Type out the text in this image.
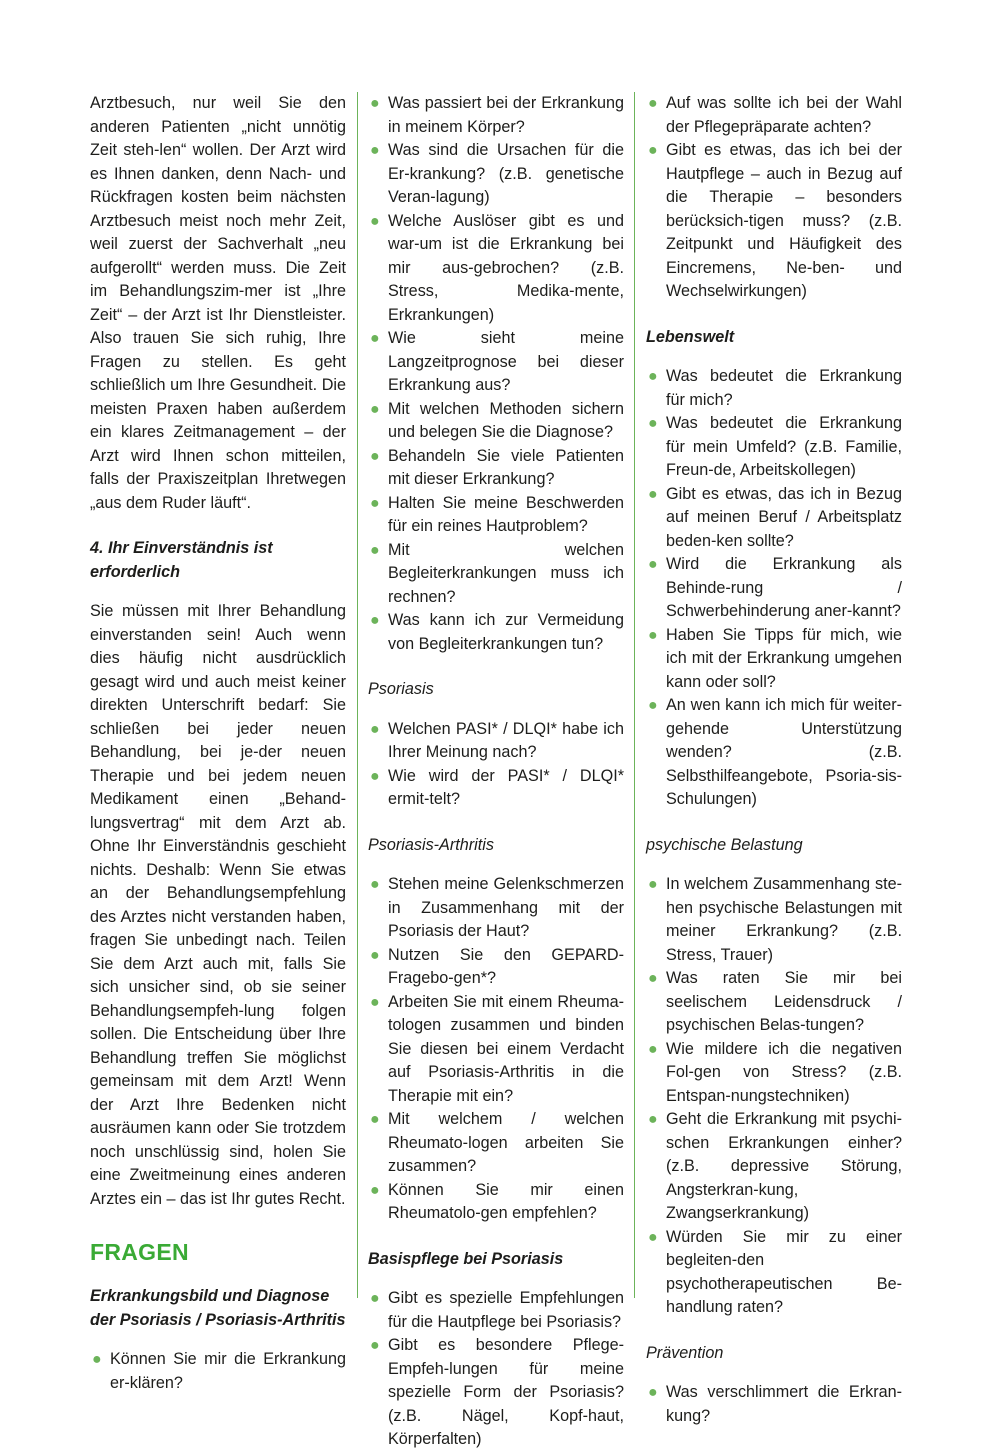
Arztbesuch, nur weil Sie den anderen Patienten „nicht unnötig Zeit steh-len“ wollen. Der Arzt wird es Ihnen danken, denn Nach- und Rückfragen kosten beim nächsten Arztbesuch meist noch mehr Zeit, weil zuerst der Sachverhalt „neu aufgerollt“ werden muss. Die Zeit im Behandlungszim-mer ist „Ihre Zeit“ – der Arzt ist Ihr Dienstleister. Also trauen Sie sich ruhig, Ihre Fragen zu stellen. Es geht schließlich um Ihre Gesundheit. Die meisten Praxen haben außerdem ein klares Zeitmanagement – der Arzt wird Ihnen schon mitteilen, falls der Praxiszeitplan Ihretwegen „aus dem Ruder läuft“.

4. Ihr Einverständnis ist erforderlich

Sie müssen mit Ihrer Behandlung einverstanden sein! Auch wenn dies häufig nicht ausdrücklich gesagt wird und auch meist keiner direkten Unterschrift bedarf: Sie schließen bei jeder neuen Behandlung, bei je-der neuen Therapie und bei jedem neuen Medikament einen „Behand-lungsvertrag“ mit dem Arzt ab. Ohne Ihr Einverständnis geschieht nichts. Deshalb: Wenn Sie etwas an der Behandlungsempfehlung des Arztes nicht verstanden haben, fragen Sie unbedingt nach. Teilen Sie dem Arzt auch mit, falls Sie sich unsicher sind, ob sie seiner Behandlungsempfeh-lung folgen sollen. Die Entscheidung über Ihre Behandlung treffen Sie möglichst gemeinsam mit dem Arzt! Wenn der Arzt Ihre Bedenken nicht ausräumen kann oder Sie trotzdem noch unschlüssig sind, holen Sie eine Zweitmeinung eines anderen Arztes ein – das ist Ihr gutes Recht.

FRAGEN
Erkrankungsbild und Diagnose der Psoriasis / Psoriasis-Arthritis
● Können Sie mir die Erkrankung er-klären?
● Was passiert bei der Erkrankung in meinem Körper?
● Was sind die Ursachen für die Er-krankung? (z.B. genetische Veran-lagung)
● Welche Auslöser gibt es und war-um ist die Erkrankung bei mir aus-gebrochen? (z.B. Stress, Medika-mente, Erkrankungen)
● Wie sieht meine Langzeitprognose bei dieser Erkrankung aus?
● Mit welchen Methoden sichern und belegen Sie die Diagnose?
● Behandeln Sie viele Patienten mit dieser Erkrankung?
● Halten Sie meine Beschwerden für ein reines Hautproblem?
● Mit welchen Begleiterkrankungen muss ich rechnen?
● Was kann ich zur Vermeidung von Begleiterkrankungen tun?
Psoriasis
● Welchen PASI* / DLQI* habe ich Ihrer Meinung nach?
● Wie wird der PASI* / DLQI* ermit-telt?
Psoriasis-Arthritis
● Stehen meine Gelenkschmerzen in Zusammenhang mit der Psoriasis der Haut?
● Nutzen Sie den GEPARD-Fragebo-gen*?
● Arbeiten Sie mit einem Rheuma-tologen zusammen und binden Sie diesen bei einem Verdacht auf Psoriasis-Arthritis in die Therapie mit ein?
● Mit welchem / welchen Rheumato-logen arbeiten Sie zusammen?
● Können Sie mir einen Rheumatolo-gen empfehlen?
Basispflege bei Psoriasis
● Gibt es spezielle Empfehlungen für die Hautpflege bei Psoriasis?
● Gibt es besondere Pflege-Empfeh-lungen für meine spezielle Form der Psoriasis? (z.B. Nägel, Kopf-haut, Körperfalten)
● Auf was sollte ich bei der Wahl der Pflegepräparate achten?
● Gibt es etwas, das ich bei der Hautpflege – auch in Bezug auf die Therapie – besonders berücksich-tigen muss? (z.B. Zeitpunkt und Häufigkeit des Eincremens, Ne-ben- und Wechselwirkungen)
Lebenswelt
● Was bedeutet die Erkrankung für mich?
● Was bedeutet die Erkrankung für mein Umfeld? (z.B. Familie, Freun-de, Arbeitskollegen)
● Gibt es etwas, das ich in Bezug auf meinen Beruf / Arbeitsplatz beden-ken sollte?
● Wird die Erkrankung als Behinde-rung / Schwerbehinderung aner-kannt?
● Haben Sie Tipps für mich, wie ich mit der Erkrankung umgehen kann oder soll?
● An wen kann ich mich für weiter-gehende Unterstützung wenden? (z.B. Selbsthilfeangebote, Psoria-sis-Schulungen)
psychische Belastung
● In welchem Zusammenhang ste-hen psychische Belastungen mit meiner Erkrankung? (z.B. Stress, Trauer)
● Was raten Sie mir bei seelischem Leidensdruck / psychischen Belas-tungen?
● Wie mildere ich die negativen Fol-gen von Stress? (z.B. Entspan-nungstechniken)
● Geht die Erkrankung mit psychi-schen Erkrankungen einher? (z.B. depressive Störung, Angsterkran-kung, Zwangserkrankung)
● Würden Sie mir zu einer begleiten-den psychotherapeutischen Be-handlung raten?
Prävention
● Was verschlimmert die Erkran-kung?
